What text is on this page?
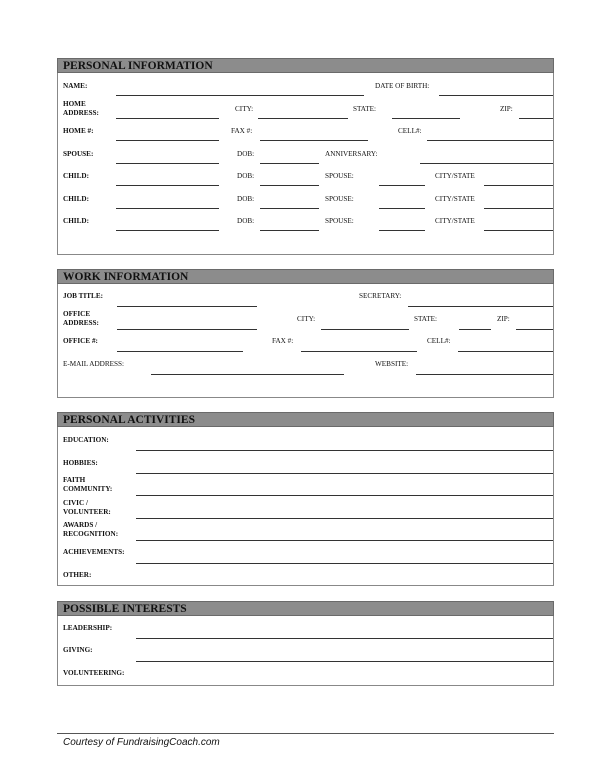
PERSONAL INFORMATION
NAME:	DATE OF BIRTH:
HOME
ADDRESS:	CITY:	STATE:	ZIP:
HOME #:	FAX #:	CELL#:
SPOUSE:	DOB:	ANNIVERSARY:
CHILD:	DOB:	SPOUSE:	CITY/STATE
CHILD:	DOB:	SPOUSE:	CITY/STATE
CHILD:	DOB:	SPOUSE:	CITY/STATE
WORK INFORMATION
JOB TITLE:	SECRETARY:
OFFICE
ADDRESS:	CITY:	STATE:	ZIP:
OFFICE #:	FAX #:	CELL#:
E-MAIL ADDRESS:	WEBSITE:
PERSONAL ACTIVITIES
EDUCATION:
HOBBIES:
FAITH
COMMUNITY:
CIVIC /
VOLUNTEER:
AWARDS /
RECOGNITION:
ACHIEVEMENTS:
OTHER:
POSSIBLE INTERESTS
LEADERSHIP:
GIVING:
VOLUNTEERING:
Courtesy of FundraisingCoach.com
